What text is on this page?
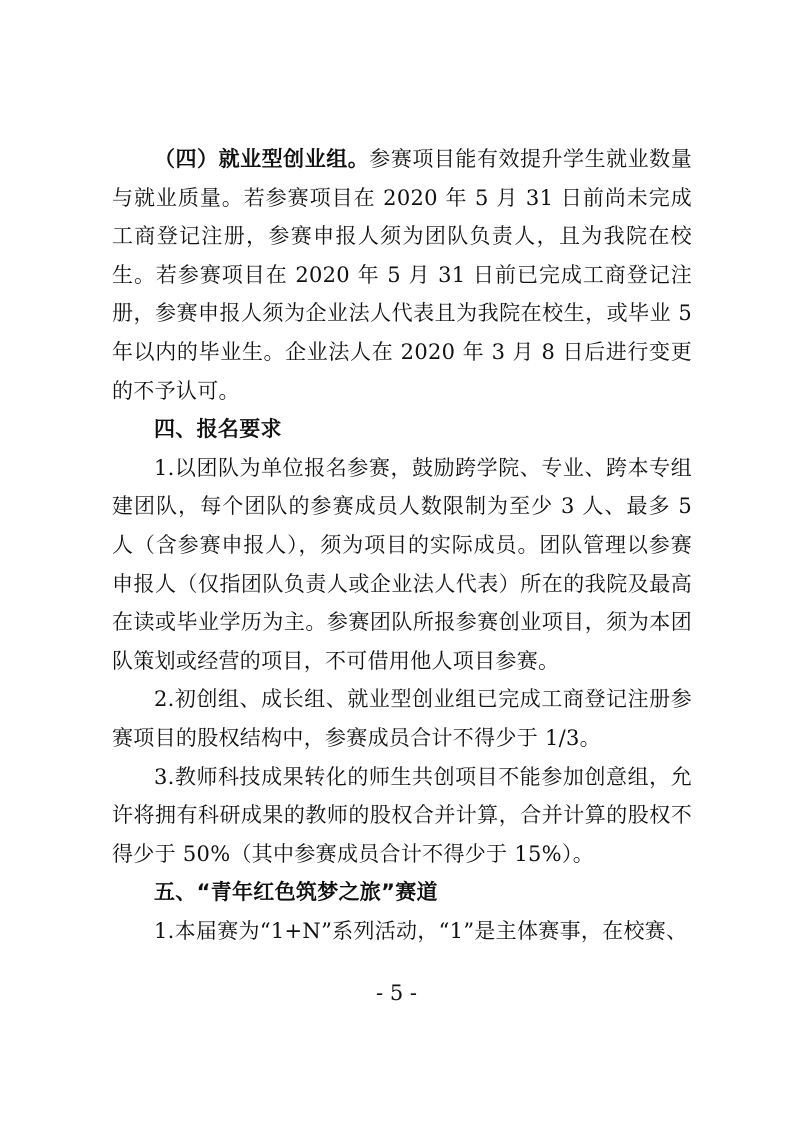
（四）就业型创业组。参赛项目能有效提升学生就业数量与就业质量。若参赛项目在 2020 年 5 月 31 日前尚未完成工商登记注册，参赛申报人须为团队负责人，且为我院在校生。若参赛项目在 2020 年 5 月 31 日前已完成工商登记注册，参赛申报人须为企业法人代表且为我院在校生，或毕业 5 年以内的毕业生。企业法人在 2020 年 3 月 8 日后进行变更的不予认可。

四、报名要求

1.以团队为单位报名参赛，鼓励跨学院、专业、跨本专组建团队，每个团队的参赛成员人数限制为至少 3 人、最多 5 人（含参赛申报人），须为项目的实际成员。团队管理以参赛申报人（仅指团队负责人或企业法人代表）所在的我院及最高在读或毕业学历为主。参赛团队所报参赛创业项目，须为本团队策划或经营的项目，不可借用他人项目参赛。

2.初创组、成长组、就业型创业组已完成工商登记注册参赛项目的股权结构中，参赛成员合计不得少于 1/3。

3.教师科技成果转化的师生共创项目不能参加创意组，允许将拥有科研成果的教师的股权合并计算，合并计算的股权不得少于 50%（其中参赛成员合计不得少于 15%）。

五、“青年红色筑梦之旅”赛道

1.本届赛为“1+N”系列活动，“1”是主体赛事，在校赛、

- 5 -
